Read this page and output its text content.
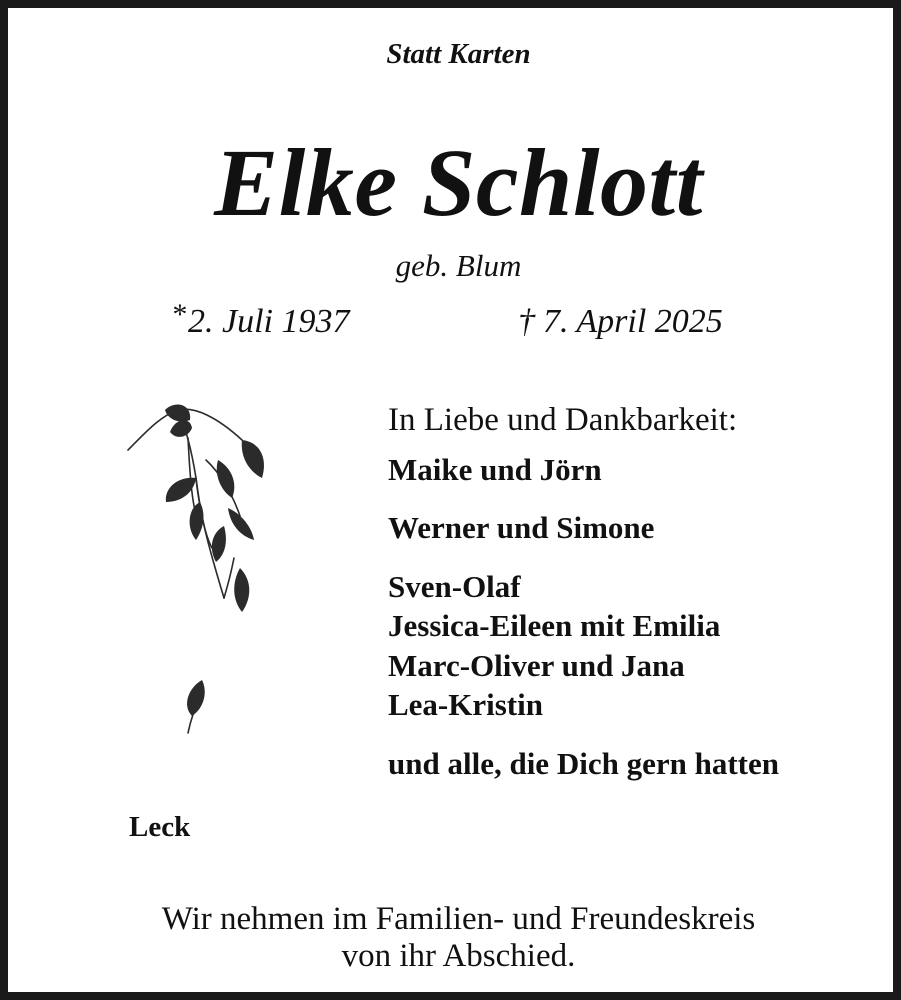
Statt Karten

Elke Schlott

geb. Blum

*2. Juli 1937	† 7. April 2025

In Liebe und Dankbarkeit:

Maike und Jörn

Werner und Simone

Sven-Olaf

Jessica-Eileen mit Emilia

Marc-Oliver und Jana

Lea-Kristin

und alle, die Dich gern hatten

Leck

Wir nehmen im Familien- und Freundeskreis

von ihr Abschied.
